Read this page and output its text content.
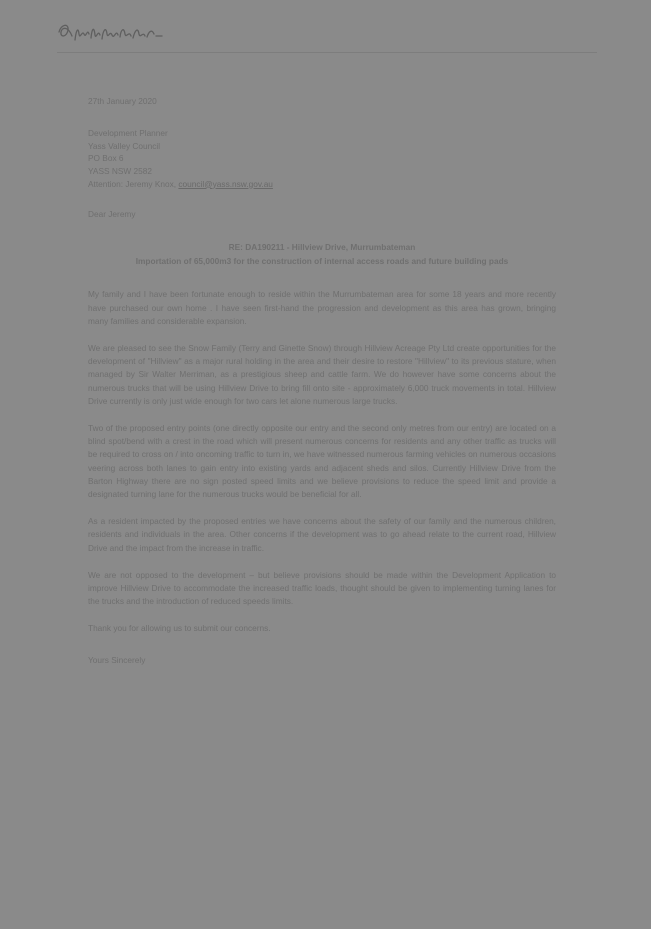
27th January 2020
Development Planner
Yass Valley Council
PO Box 6
YASS NSW 2582
Attention: Jeremy Knox, council@yass.nsw.gov.au
Dear Jeremy
RE: DA190211 - Hillview Drive, Murrumbateman
Importation of 65,000m3 for the construction of internal access roads and future building pads

My family and I have been fortunate enough to reside within the Murrumbateman area for some 18 years and more recently have purchased our own home . I have seen first-hand the progression and development as this area has grown, bringing many families and considerable expansion.

We are pleased to see the Snow Family (Terry and Ginette Snow) through Hillview Acreage Pty Ltd create opportunities for the development of "Hillview" as a major rural holding in the area and their desire to restore "Hillview" to its previous stature, when managed by Sir Walter Merriman, as a prestigious sheep and cattle farm. We do however have some concerns about the numerous trucks that will be using Hillview Drive to bring fill onto site - approximately 6,000 truck movements in total. Hillview Drive currently is only just wide enough for two cars let alone numerous large trucks.

Two of the proposed entry points (one directly opposite our entry and the second only metres from our entry) are located on a blind spot/bend with a crest in the road which will present numerous concerns for residents and any other traffic as trucks will be required to cross on / into oncoming traffic to turn in, we have witnessed numerous farming vehicles on numerous occasions veering across both lanes to gain entry into existing yards and adjacent sheds and silos. Currently Hillview Drive from the Barton Highway there are no sign posted speed limits and we believe provisions to reduce the speed limit and provide a designated turning lane for the numerous trucks would be beneficial for all.

As a resident impacted by the proposed entries we have concerns about the safety of our family and the numerous children, residents and individuals in the area. Other concerns if the development was to go ahead relate to the current road, Hillview Drive and the impact from the increase in traffic.

We are not opposed to the development – but believe provisions should be made within the Development Application to improve Hillview Drive to accommodate the increased traffic loads, thought should be given to implementing turning lanes for the trucks and the introduction of reduced speeds limits.

Thank you for allowing us to submit our concerns.

Yours Sincerely
